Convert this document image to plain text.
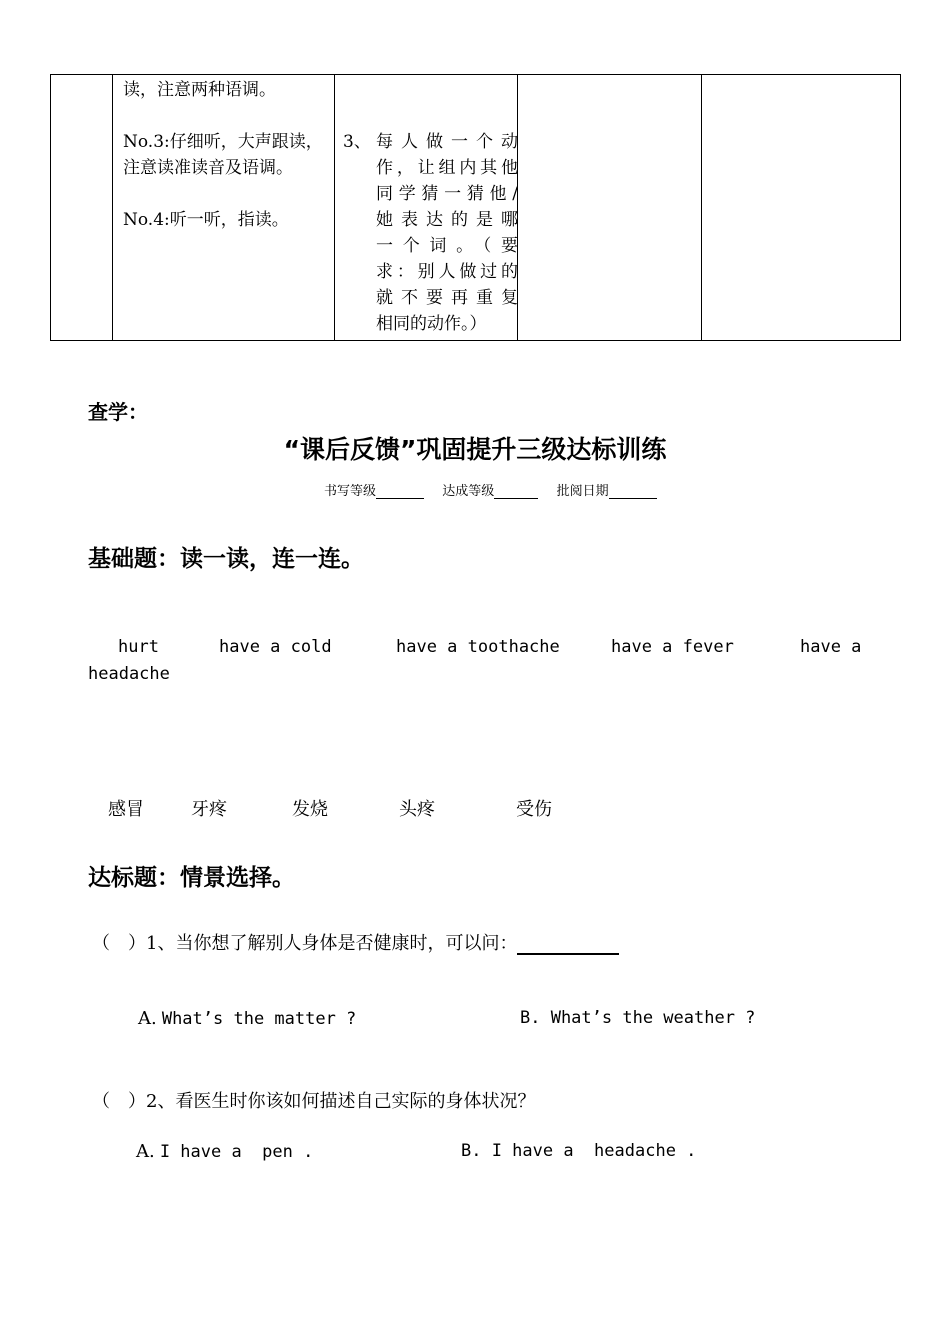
读，注意两种语调。
No.3:仔细听，大声跟读，注意读准读音及语调。
No.4:听一听，指读。
3、 每人做一个动
作，让组内其他
同学猜一猜他/
她表达的是哪
一个词。（要
求：别人做过的
就不要再重复
相同的动作。）
查学：
“课后反馈”巩固提升三级达标训练
书写等级	达成等级	批阅日期
基础题：读一读，连一连。
hurt	have a cold	have a toothache	have a fever	have a
headache
感冒	牙疼	发烧	头疼	受伤
达标题：情景选择。
（　）1、当你想了解别人身体是否健康时，可以问：
A. What’s the matter ?	B. What’s the weather ?
（　）2、看医生时你该如何描述自己实际的身体状况？
A. I have a  pen .	B. I have a  headache .
